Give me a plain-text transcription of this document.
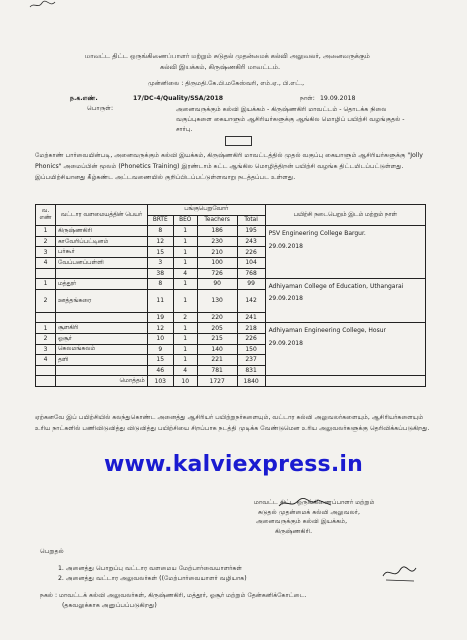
மாவட்ட திட்ட ஒருங்கிணைப்பாளர் மற்றும் சுடுதல் முதன்மைக் கல்வி அலுவலர், அனைவருக்கும்
கல்வி இயக்கம், கிருஷ்ணகிரி மாவட்டம்.
முன்னிலை : திருமதி.கே.பி.மகேஸ்வரி, எம்.ஏ., பி.எட்.,
ந.க.எண்.	17/DC-4/Quality/SSA/2018	நாள்: 19.09.2018
பொருள்:	அனைவருக்கும் கல்வி இயக்கம் - கிருஷ்ணகிரி மாவட்டம் - தொடக்க நிலை வகுப்புகளை கையாளும் ஆசிரியர்களுக்கு ஆங்கில மொழிப் பயிற்சி வழங்குதல் - சார்பு.
மேற்காண் பார்வையின்படி, அனைவருக்கும் கல்வி இயக்கம், கிருஷ்ணகிரி மாவட்டத்தில் முதல் வகுப்பு கையாளும் ஆசிரியர்களுக்கு "Jolly Phonics" அமைப்பின் மூலம் (Phonetics Training) இரண்டாம் கட்ட ஆங்கில மொழித்திறன் பயிற்சி வழங்க திட்டமிடப்பட்டுள்ளது. இப்பயிற்சியானது கீழ்கண்ட அட்டவணையில் குறிப்பிடப்பட்டுள்ளவாறு நடத்தப்பட உள்ளது.
வ. எண்	வட்டார வளமையத்தின் பெயர்	பங்குபெறுவோர்				பயிற்சி நடைபெறும் இடம் மற்றும் நாள்
		BRTE	BEO	Teachers	Total	
1	கிருஷ்ணகிரி	8	1	186	195	PSV Engineering College Bargur.
29.09.2018

2	காவேரிப்பட்டினம்	12	1	230	243	
3	பர்கூர்	15	1	210	226	
4	வேப்பனப்பள்ளி	3	1	100	104	
		38	4	726	768	
1	மத்தூர்	8	1	90	99	Adhiyaman College of Education, Uthangarai
29.09.2018

2	ஊத்தங்கரை	11	1	130	142	
		19	2	220	241	
1	சூளகிரி	12	1	205	218	Adhiyaman Engineering College, Hosur
29.09.2018

2	ஓசூர்	10	1	215	226	
3	கெலமங்கலம்	9	1	140	150	
4	தளி	15	1	221	237	
		46	4	781	831	
	மொத்தம்	103	10	1727	1840	
ஏற்கனவே இப் பயிற்சியில் கலந்துகொண்ட அனைத்து ஆசிரியர் பயிற்றுநர்களையும், வட்டார கல்வி அலுவலர்களையும், ஆசிரியர்களையும் உரிய நாட்களில் பணிவிடுவித்து விடுவித்து பயிற்சியை சிறப்பாக நடத்தி முடிக்க வேண்டுமென உரிய அலுவலர்களுக்கு தெரிவிக்கப்படுகிறது.
www.kalviexpress.in
மாவட்ட திட்ட ஒருங்கிணைப்பாளர் மற்றும்
சுடுதல் முதன்மைக் கல்வி அலுவலர்,
அனைவருக்கும் கல்வி இயக்கம்,
கிருஷ்ணகிரி.
பெறுதல்
1. அனைத்து பொறுப்பு வட்டார வளமைய மேற்பார்வையாளர்கள்
2. அனைத்து வட்டார அலுவலர்கள் ((மேற்பார்வையாளர் வழியாக)
நகல் : மாவட்டக் கல்வி அலுவலர்கள், கிருஷ்ணகிரி, மத்தூர், ஓசூர் மற்றும் தேன்கனிக்கோட்டை.
(தகவலுக்காக அனுப்பப்படுகிறது)
